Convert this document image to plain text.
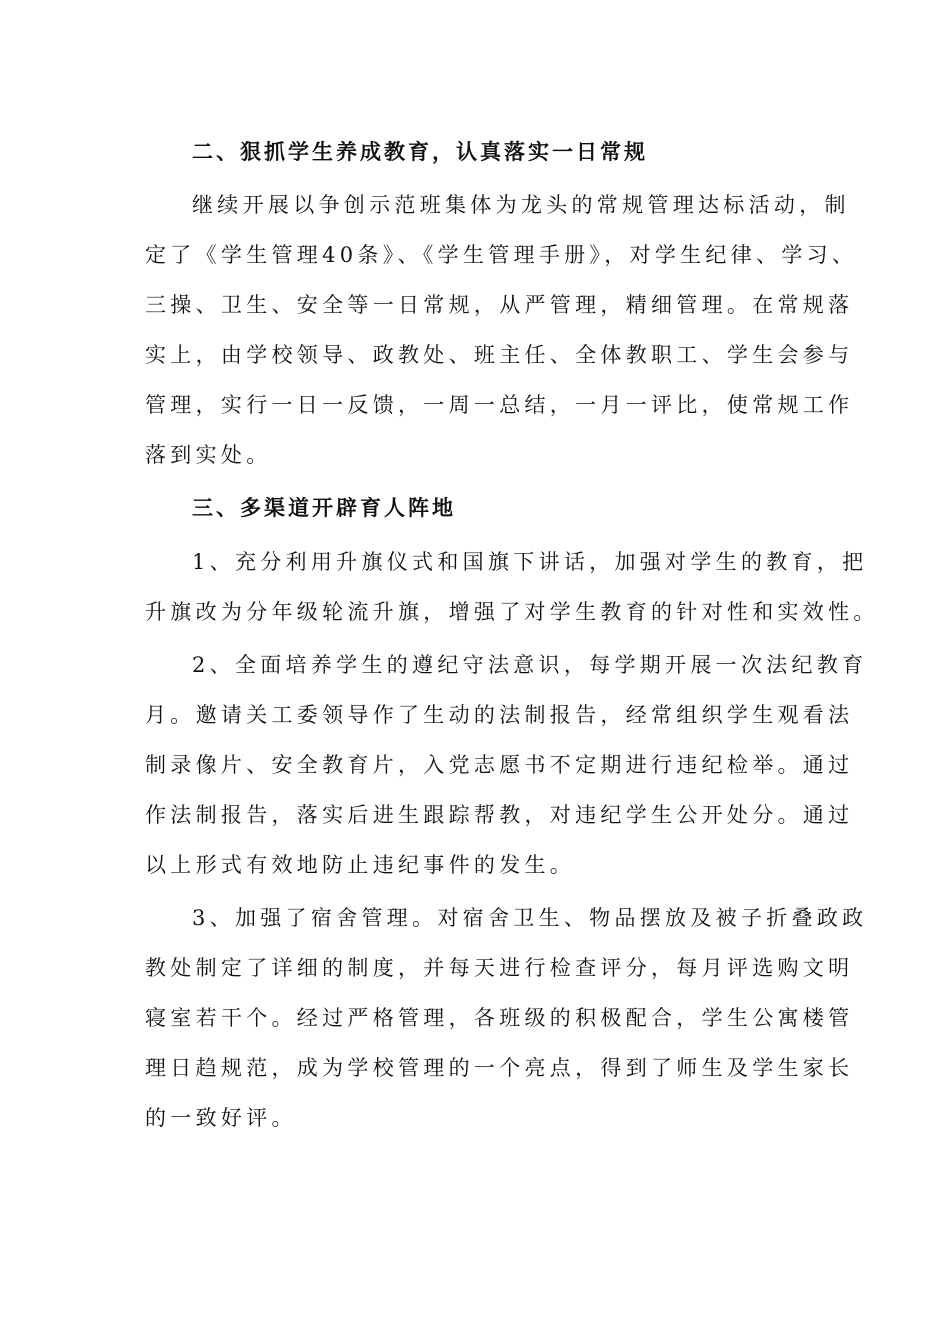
二、狠抓学生养成教育，认真落实一日常规
继续开展以争创示范班集体为龙头的常规管理达标活动，制
定了《学生管理40条》、《学生管理手册》，对学生纪律、学习、
三操、卫生、安全等一日常规，从严管理，精细管理。在常规落
实上，由学校领导、政教处、班主任、全体教职工、学生会参与
管理，实行一日一反馈，一周一总结，一月一评比，使常规工作
落到实处。
三、多渠道开辟育人阵地
1、充分利用升旗仪式和国旗下讲话，加强对学生的教育，把
升旗改为分年级轮流升旗，增强了对学生教育的针对性和实效性。
2、全面培养学生的遵纪守法意识，每学期开展一次法纪教育
月。邀请关工委领导作了生动的法制报告，经常组织学生观看法
制录像片、安全教育片，入党志愿书不定期进行违纪检举。通过
作法制报告，落实后进生跟踪帮教，对违纪学生公开处分。通过
以上形式有效地防止违纪事件的发生。
3、加强了宿舍管理。对宿舍卫生、物品摆放及被子折叠政政
教处制定了详细的制度，并每天进行检查评分，每月评选购文明
寝室若干个。经过严格管理，各班级的积极配合，学生公寓楼管
理日趋规范，成为学校管理的一个亮点，得到了师生及学生家长
的一致好评。
